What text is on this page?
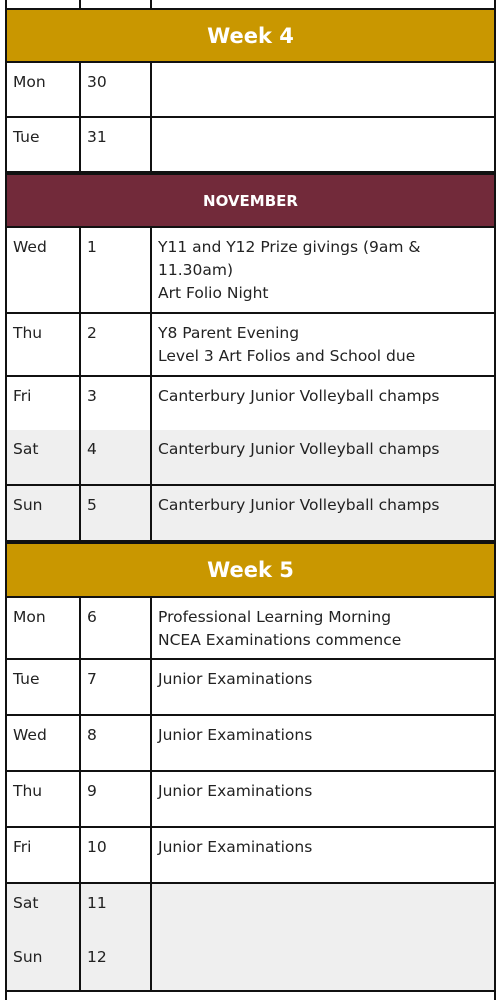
Week 4
Mon	30
Tue	31
NOVEMBER
Wed	1	Y11 and Y12 Prize givings (9am &
11.30am)
Art Folio Night
Thu	2	Y8 Parent Evening
Level 3 Art Folios and School due
Fri	3	Canterbury Junior Volleyball champs
Sat	4	Canterbury Junior Volleyball champs
Sun	5	Canterbury Junior Volleyball champs
Week 5
Mon	6	Professional Learning Morning
NCEA Examinations commence
Tue	7	Junior Examinations
Wed	8	Junior Examinations
Thu	9	Junior Examinations
Fri	10	Junior Examinations
Sat	11
Sun	12
